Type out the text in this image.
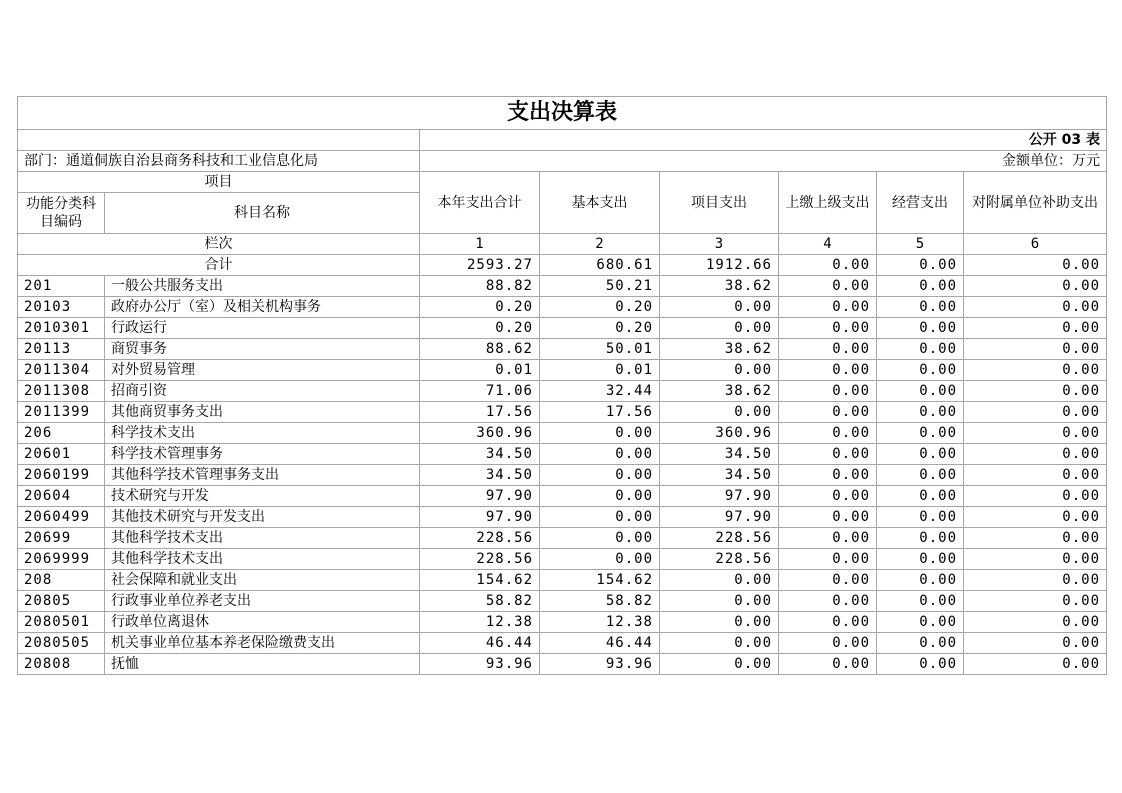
支出决算表							
		公开 03 表					
部门：通道侗族自治县商务科技和工业信息化局		金额单位：万元					
项目		本年支出合计	基本支出	项目支出	上缴上级支出	经营支出	对附属单位补助支出
功能分类科目编码	科目名称						
栏次		1	2	3	4	5	6
合计		2593.27	680.61	1912.66	0.00	0.00	0.00
201	一般公共服务支出	88.82	50.21	38.62	0.00	0.00	0.00
20103	政府办公厅（室）及相关机构事务	0.20	0.20	0.00	0.00	0.00	0.00
2010301	行政运行	0.20	0.20	0.00	0.00	0.00	0.00
20113	商贸事务	88.62	50.01	38.62	0.00	0.00	0.00
2011304	对外贸易管理	0.01	0.01	0.00	0.00	0.00	0.00
2011308	招商引资	71.06	32.44	38.62	0.00	0.00	0.00
2011399	其他商贸事务支出	17.56	17.56	0.00	0.00	0.00	0.00
206	科学技术支出	360.96	0.00	360.96	0.00	0.00	0.00
20601	科学技术管理事务	34.50	0.00	34.50	0.00	0.00	0.00
2060199	其他科学技术管理事务支出	34.50	0.00	34.50	0.00	0.00	0.00
20604	技术研究与开发	97.90	0.00	97.90	0.00	0.00	0.00
2060499	其他技术研究与开发支出	97.90	0.00	97.90	0.00	0.00	0.00
20699	其他科学技术支出	228.56	0.00	228.56	0.00	0.00	0.00
2069999	其他科学技术支出	228.56	0.00	228.56	0.00	0.00	0.00
208	社会保障和就业支出	154.62	154.62	0.00	0.00	0.00	0.00
20805	行政事业单位养老支出	58.82	58.82	0.00	0.00	0.00	0.00
2080501	行政单位离退休	12.38	12.38	0.00	0.00	0.00	0.00
2080505	机关事业单位基本养老保险缴费支出	46.44	46.44	0.00	0.00	0.00	0.00
20808	抚恤	93.96	93.96	0.00	0.00	0.00	0.00
